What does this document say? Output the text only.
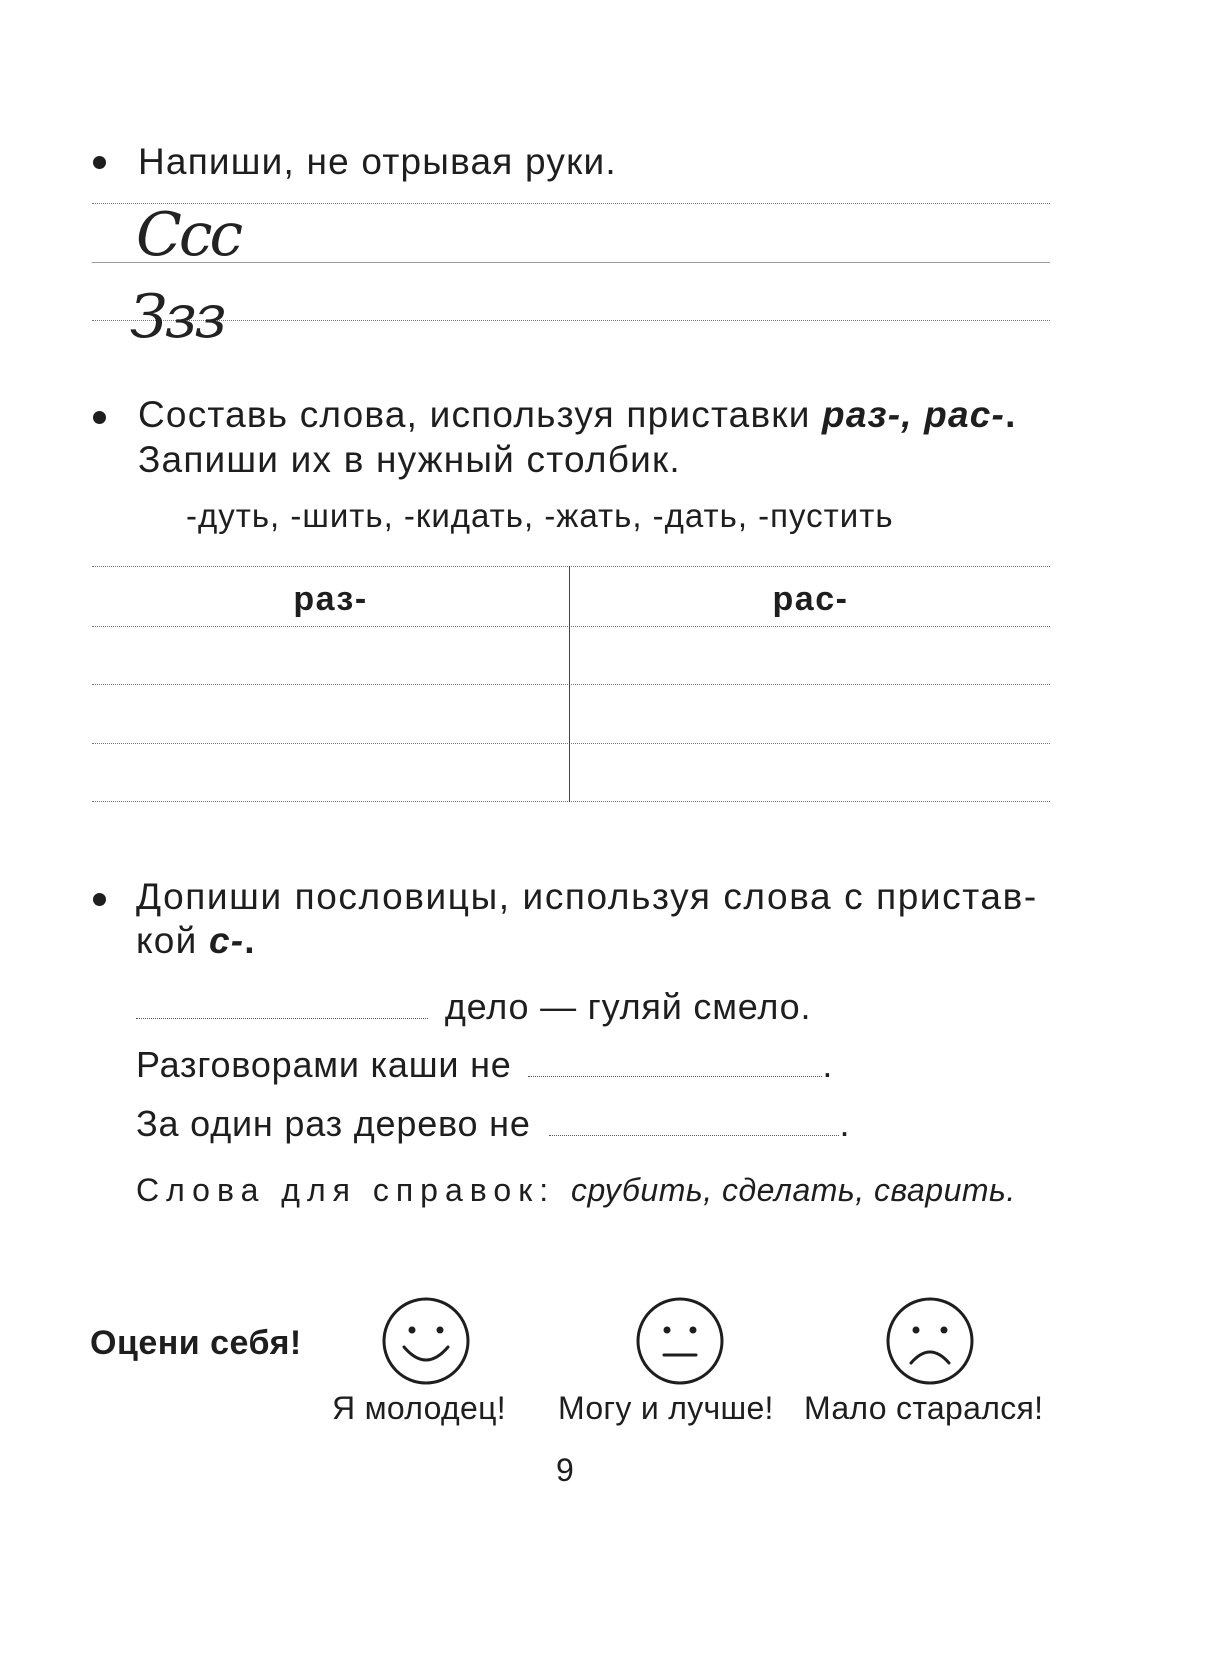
Напиши, не отрывая руки.
Ccc
Ззз
Составь слова, используя приставки раз-, рас-.
Запиши их в нужный столбик.
-дуть, -шить, -кидать, -жать, -дать, -пустить
раз-	рас-
Допиши пословицы, используя слова с пристав-
кой с-.
дело — гуляй смело.
Разговорами каши не	.
За один раз дерево не	.
Слова для справок: срубить, сделать, сварить.
Оцени себя!
Я молодец! Могу и лучше! Мало старался!
9
